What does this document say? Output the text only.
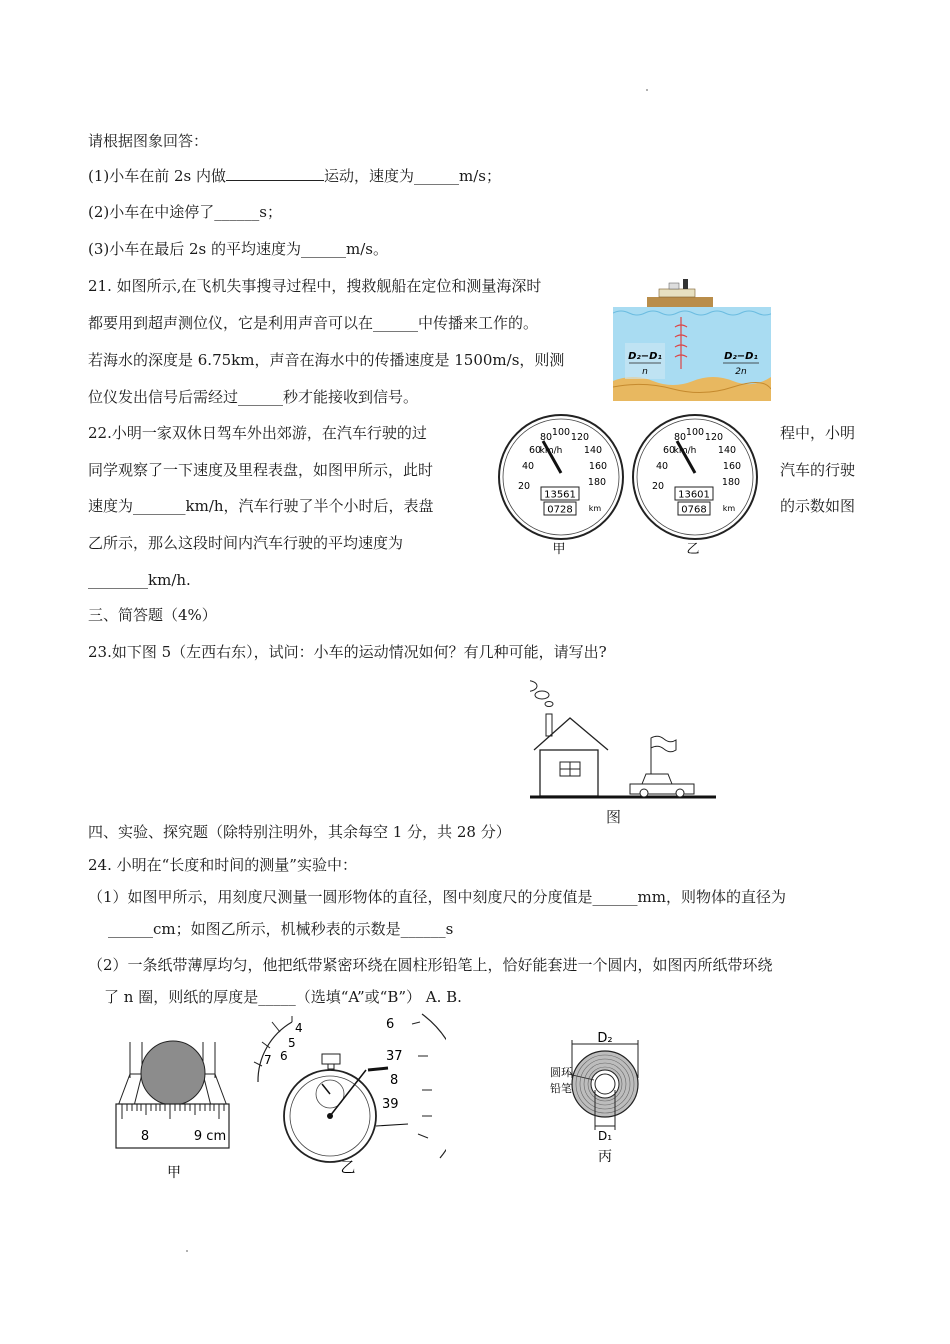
请根据图象回答：
(1)小车在前 2s 内做	运动，速度为______m/s；
(2)小车在中途停了______s；
(3)小车在最后 2s 的平均速度为______m/s。
21. 如图所示,在飞机失事搜寻过程中，搜救舰船在定位和测量海深时
都要用到超声测位仪，它是利用声音可以在______中传播来工作的。
若海水的深度是 6.75km，声音在海水中的传播速度是 1500m/s，则测
位仪发出信号后需经过______秒才能接收到信号。
D₂−D₁
n
D₂−D₁
2n
22.小明一家双休日驾车外出郊游，在汽车行驶的过	程中，小明
同学观察了一下速度及里程表盘，如图甲所示，此时	汽车的行驶
速度为_______km/h，汽车行驶了半个小时后，表盘	的示数如图
乙所示，那么这段时间内汽车行驶的平均速度为
________km/h.
20
40
60
80 100 120
140
160
180
km/h
13561
0728 km
甲
20
40
60
80 100 120
140
160
180
km/h
13601
0768 km
乙
三、简答题（4%）
23.如下图 5（左西右东），试问：小车的运动情况如何？有几种可能，请写出?
图
四、实验、探究题（除特别注明外，其余每空 1 分，共 28 分）
24. 小明在“长度和时间的测量”实验中：
（1）如图甲所示，用刻度尺测量一圆形物体的直径，图中刻度尺的分度值是______mm，则物体的直径为
______cm；如图乙所示，机械秒表的示数是______s
（2）一条纸带薄厚均匀，他把纸带紧密环绕在圆柱形铅笔上，恰好能套进一个圆内，如图丙所纸带环绕
了 n 圈，则纸的厚度是_____（选填“A”或“B”） A. B.
8	9 cm
甲
4
5
6
7
6
37
8
39
乙
D₂
圆环
铅笔
D₁
丙
